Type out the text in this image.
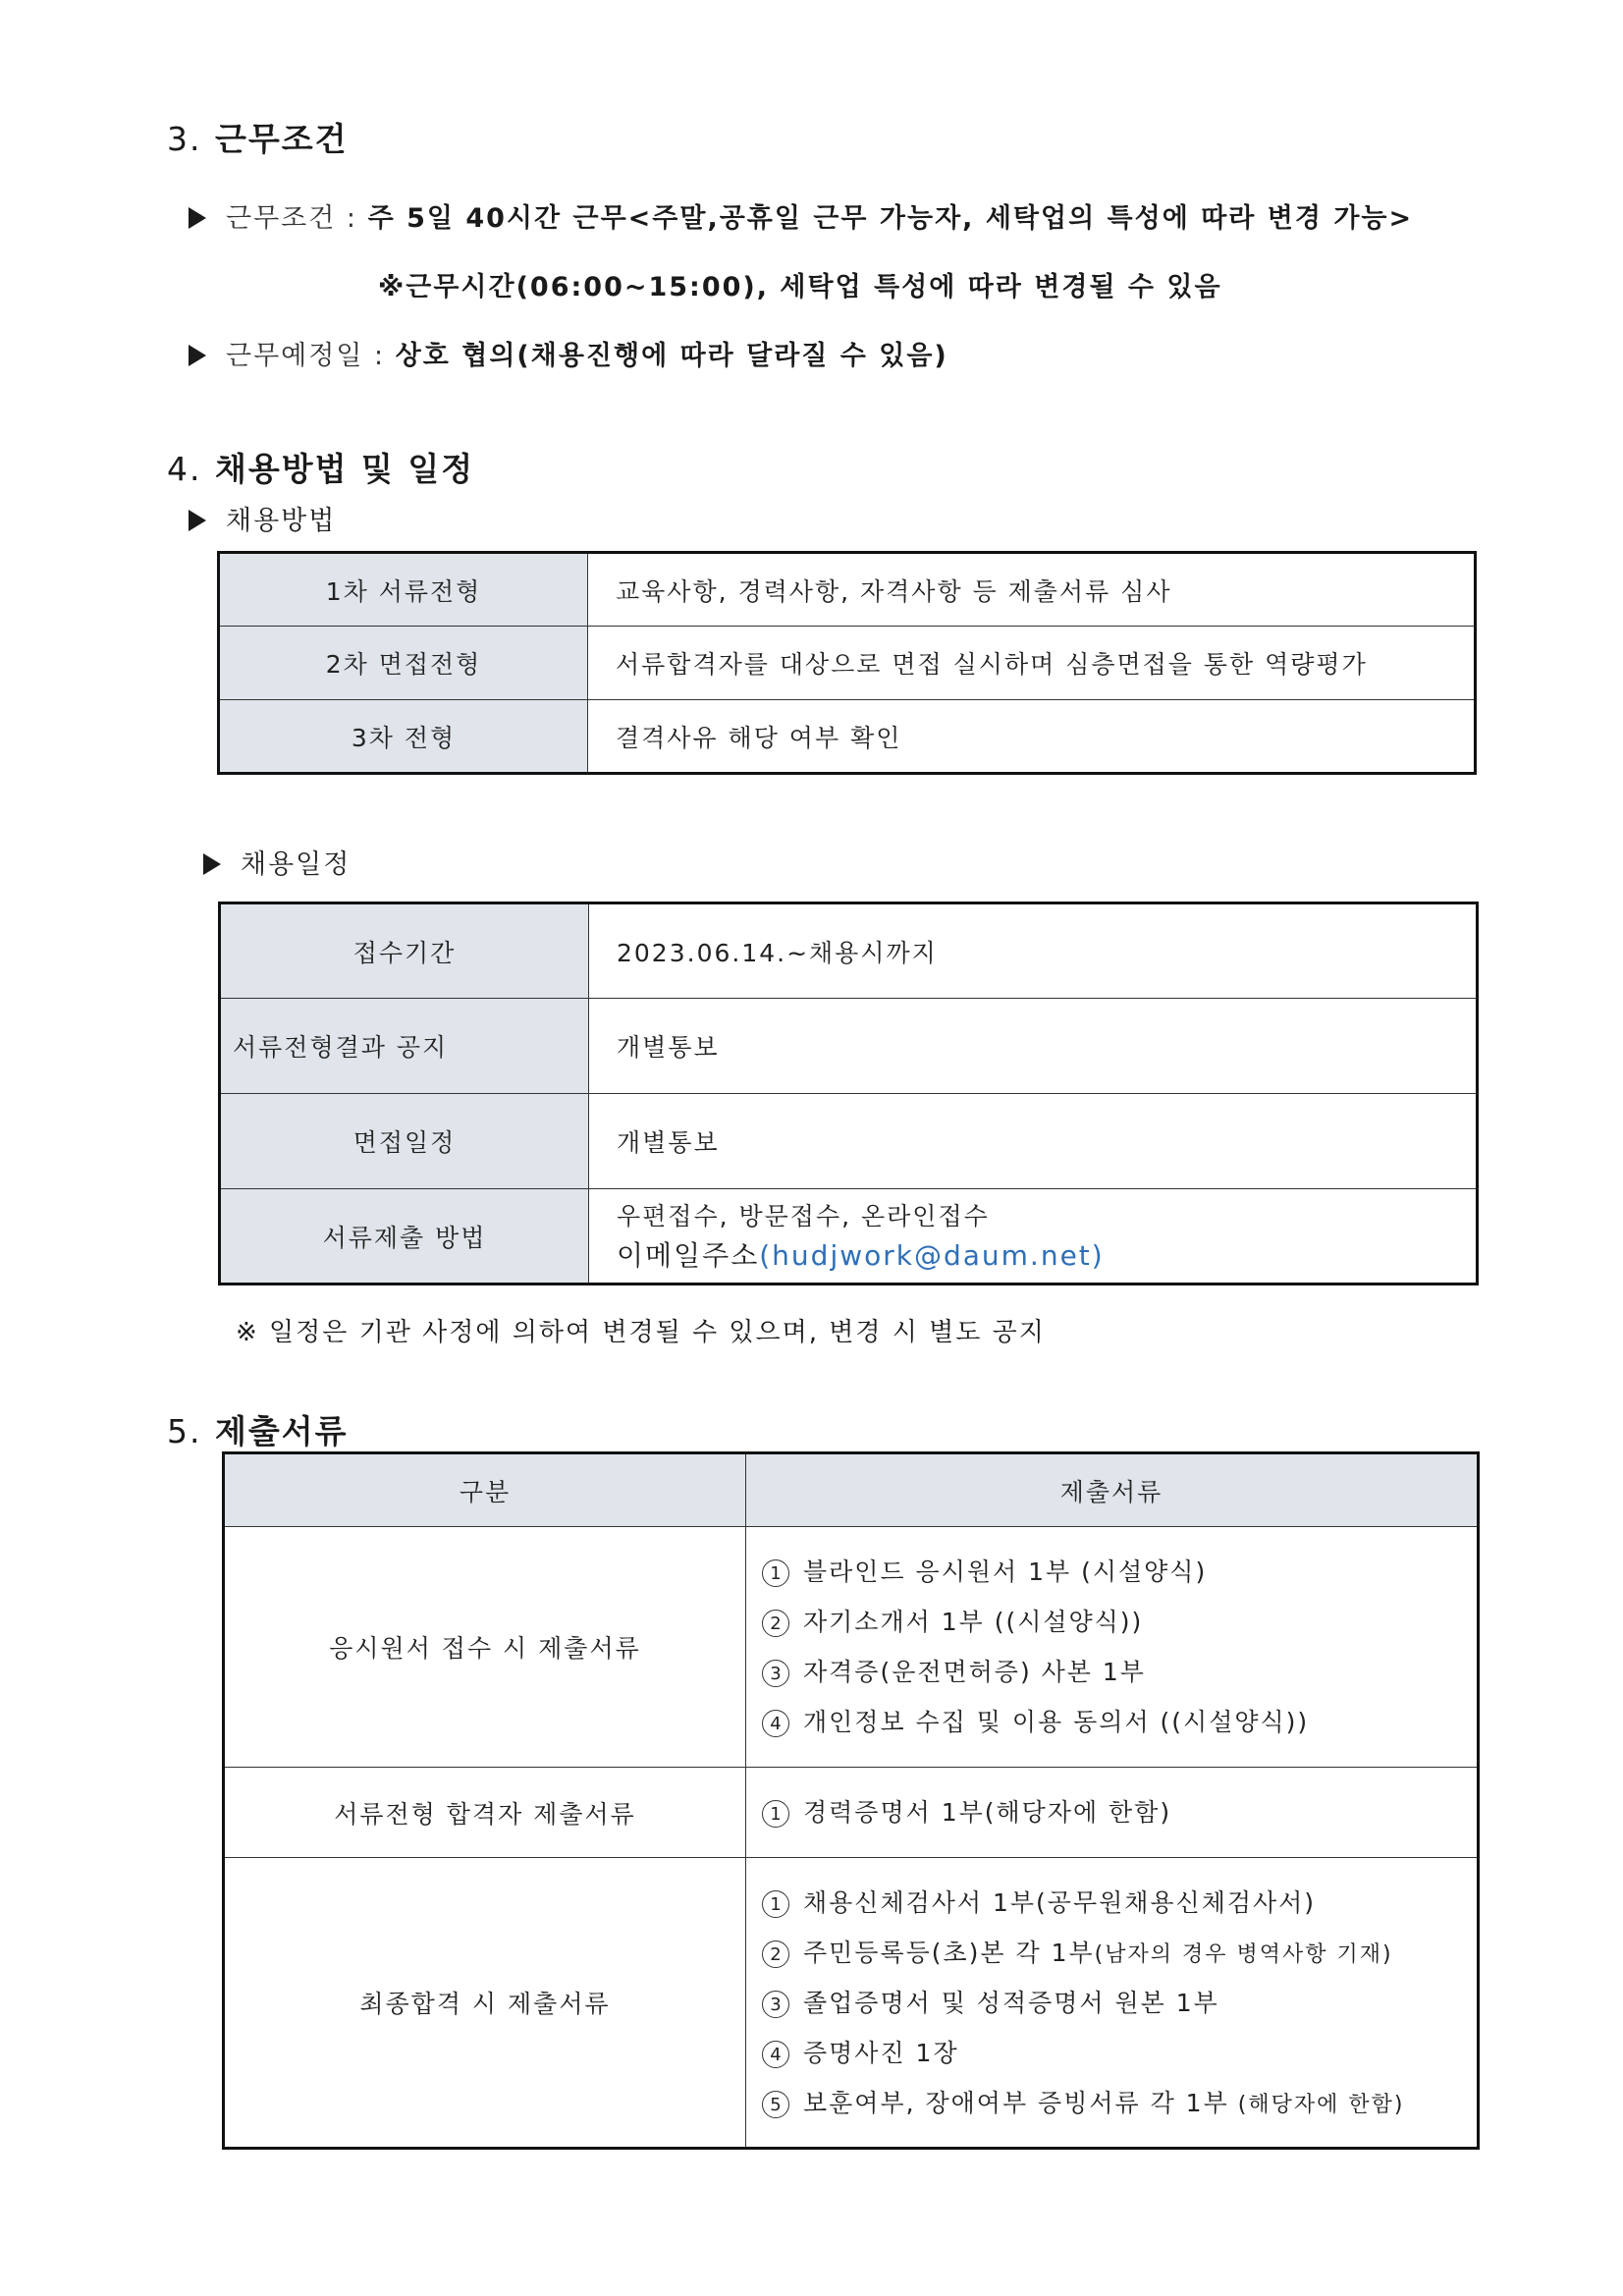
3. 근무조건
근무조건 : 주 5일 40시간 근무<주말,공휴일 근무 가능자, 세탁업의 특성에 따라 변경 가능>
※근무시간(06:00~15:00), 세탁업 특성에 따라 변경될 수 있음
근무예정일 : 상호 협의(채용진행에 따라 달라질 수 있음)
4. 채용방법 및 일정
채용방법
1차 서류전형	교육사항, 경력사항, 자격사항 등 제출서류 심사
2차 면접전형	서류합격자를 대상으로 면접 실시하며 심층면접을 통한 역량평가
3차 전형	결격사유 해당 여부 확인
채용일정
접수기간	2023.06.14.~채용시까지
서류전형결과 공지	개별통보
면접일정	개별통보
서류제출 방법	우편접수, 방문접수, 온라인접수
이메일주소(hudjwork@daum.net)
※ 일정은 기관 사정에 의하여 변경될 수 있으며, 변경 시 별도 공지
5. 제출서류
구분	제출서류
응시원서 접수 시 제출서류	1 블라인드 응시원서 1부 (시설양식)
2 자기소개서 1부 ((시설양식))
3 자격증(운전면허증) 사본 1부
4 개인정보 수집 및 이용 동의서 ((시설양식))

서류전형 합격자 제출서류	1 경력증명서 1부(해당자에 한함)

최종합격 시 제출서류	1 채용신체검사서 1부(공무원채용신체검사서)
2 주민등록등(초)본 각 1부(남자의 경우 병역사항 기재)
3 졸업증명서 및 성적증명서 원본 1부
4 증명사진 1장
5 보훈여부, 장애여부 증빙서류 각 1부 (해당자에 한함)
